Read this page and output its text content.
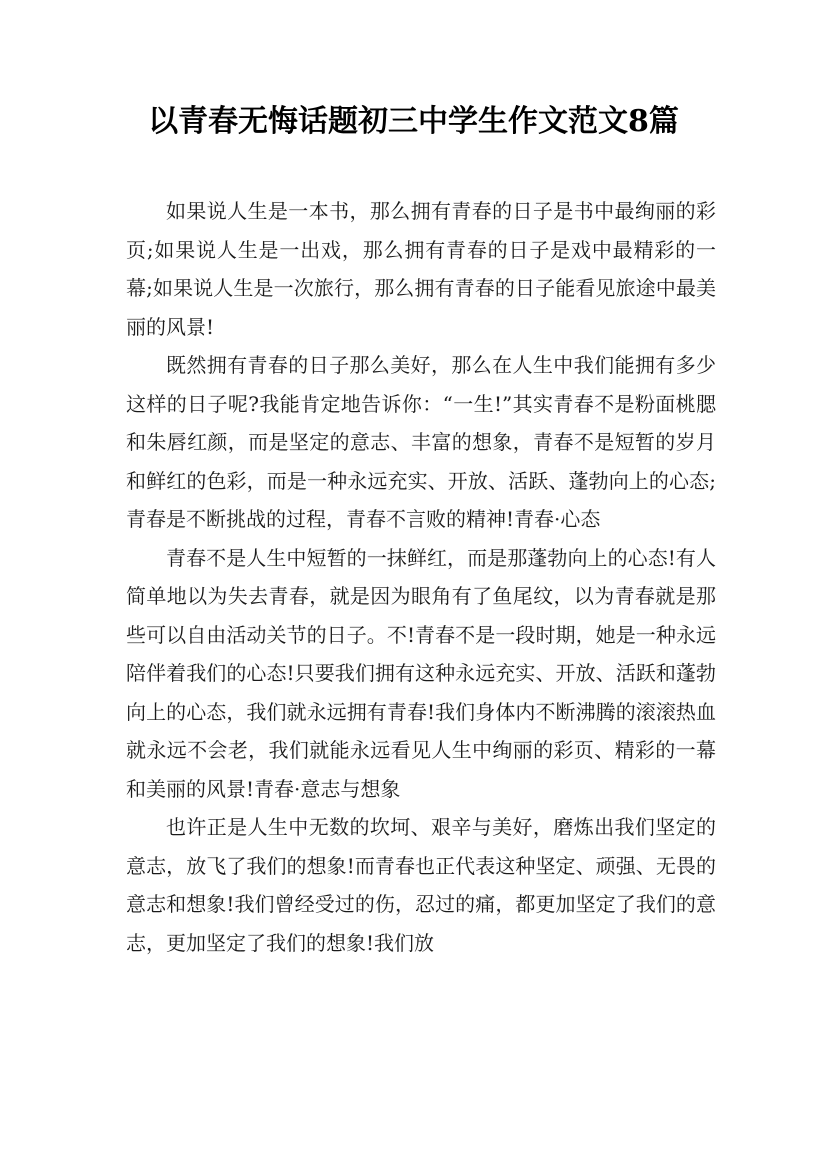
以青春无悔话题初三中学生作文范文8篇

如果说人生是一本书，那么拥有青春的日子是书中最绚丽的彩页;如果说人生是一出戏，那么拥有青春的日子是戏中最精彩的一幕;如果说人生是一次旅行，那么拥有青春的日子能看见旅途中最美丽的风景!

既然拥有青春的日子那么美好，那么在人生中我们能拥有多少这样的日子呢?我能肯定地告诉你：“一生!”其实青春不是粉面桃腮和朱唇红颜，而是坚定的意志、丰富的想象，青春不是短暂的岁月和鲜红的色彩，而是一种永远充实、开放、活跃、蓬勃向上的心态;青春是不断挑战的过程，青春不言败的精神!青春·心态

青春不是人生中短暂的一抹鲜红，而是那蓬勃向上的心态!有人简单地以为失去青春，就是因为眼角有了鱼尾纹，以为青春就是那些可以自由活动关节的日子。不!青春不是一段时期，她是一种永远陪伴着我们的心态!只要我们拥有这种永远充实、开放、活跃和蓬勃向上的心态，我们就永远拥有青春!我们身体内不断沸腾的滚滚热血就永远不会老，我们就能永远看见人生中绚丽的彩页、精彩的一幕和美丽的风景!青春·意志与想象

也许正是人生中无数的坎坷、艰辛与美好，磨炼出我们坚定的意志，放飞了我们的想象!而青春也正代表这种坚定、顽强、无畏的意志和想象!我们曾经受过的伤，忍过的痛，都更加坚定了我们的意志，更加坚定了我们的想象!我们放
